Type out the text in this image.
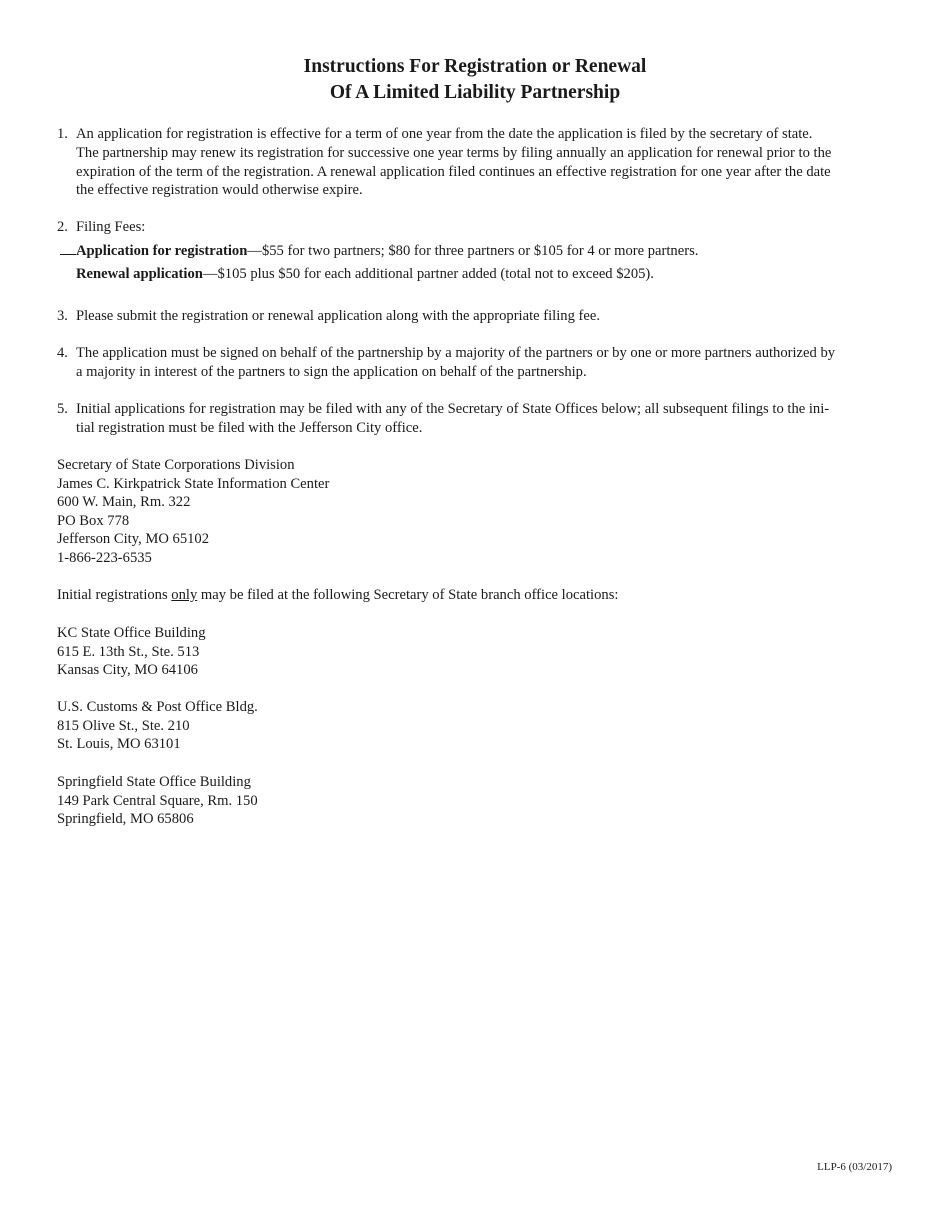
Instructions For Registration or Renewal
Of A Limited Liability Partnership
1. An application for registration is effective for a term of one year from the date the application is filed by the secretary of state.
The partnership may renew its registration for successive one year terms by filing annually an application for renewal prior to the
expiration of the term of the registration. A renewal application filed continues an effective registration for one year after the date
the effective registration would otherwise expire.
2. Filing Fees:
Application for registration—$55 for two partners; $80 for three partners or $105 for 4 or more partners.
Renewal application—$105 plus $50 for each additional partner added (total not to exceed $205).
3. Please submit the registration or renewal application along with the appropriate filing fee.
4. The application must be signed on behalf of the partnership by a majority of the partners or by one or more partners authorized by
a majority in interest of the partners to sign the application on behalf of the partnership.
5. Initial applications for registration may be filed with any of the Secretary of State Offices below; all subsequent filings to the ini-
tial registration must be filed with the Jefferson City office.
Secretary of State Corporations Division
James C. Kirkpatrick State Information Center
600 W. Main, Rm. 322
PO Box 778
Jefferson City, MO 65102
1-866-223-6535
Initial registrations only may be filed at the following Secretary of State branch office locations:
KC State Office Building
615 E. 13th St., Ste. 513
Kansas City, MO 64106
U.S. Customs & Post Office Bldg.
815 Olive St., Ste. 210
St. Louis, MO 63101
Springfield State Office Building
149 Park Central Square, Rm. 150
Springfield, MO 65806
LLP-6 (03/2017)
